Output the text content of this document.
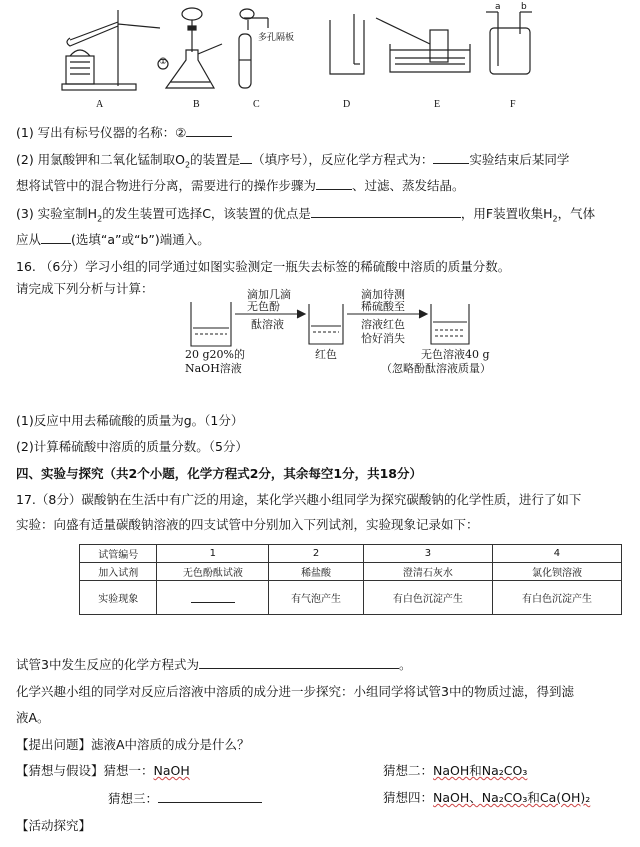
A	B	C	D	E	F
①
多孔隔板
a b
(1) 写出有标号仪器的名称：②
(2) 用氯酸钾和二氧化锰制取$O_2$的装置是 （填序号），反应化学方程式为：	实验结束后某同学
想将试管中的混合物进行分离，需要进行的操作步骤为	、过滤、蒸发结晶。
(3) 实验室制$H_2$的发生装置可选择C，该装置的优点是	，用F装置收集$H_2$，气体
应从 (选填“a”或“b”)端通入。
16. （6分）学习小组的同学通过如图实验测定一瓶失去标签的稀硫酸中溶质的质量分数。
请完成下列分析与计算：	滴加几滴
无色酚
酞溶液
滴加待测
稀硫酸至
溶液红色
恰好消失
20 g20%的
NaOH溶液
红色	无色溶液40 g
（忽略酚酞溶液质量）
(1)反应中用去稀硫酸的质量为g。（1分）
(2)计算稀硫酸中溶质的质量分数。（5分）
四、实验与探究（共2个小题，化学方程式2分，其余每空1分，共18分）
17.（8分）碳酸钠在生活中有广泛的用途，某化学兴趣小组同学为探究碳酸钠的化学性质，进行了如下
实验：向盛有适量碳酸钠溶液的四支试管中分别加入下列试剂，实验现象记录如下：
试管编号	1	2	3	4
加入试剂	无色酚酞试液	稀盐酸	澄清石灰水	氯化钡溶液
实验现象		有气泡产生	有白色沉淀产生	有白色沉淀产生
试管3中发生反应的化学方程式为	。
化学兴趣小组的同学对反应后溶液中溶质的成分进一步探究：小组同学将试管3中的物质过滤，得到滤
液A。
【提出问题】滤液A中溶质的成分是什么？
【猜想与假设】猜想一：NaOH	猜想二：NaOH和Na₂CO₃
猜想三：	猜想四：NaOH、Na₂CO₃和Ca(OH)₂
【活动探究】
